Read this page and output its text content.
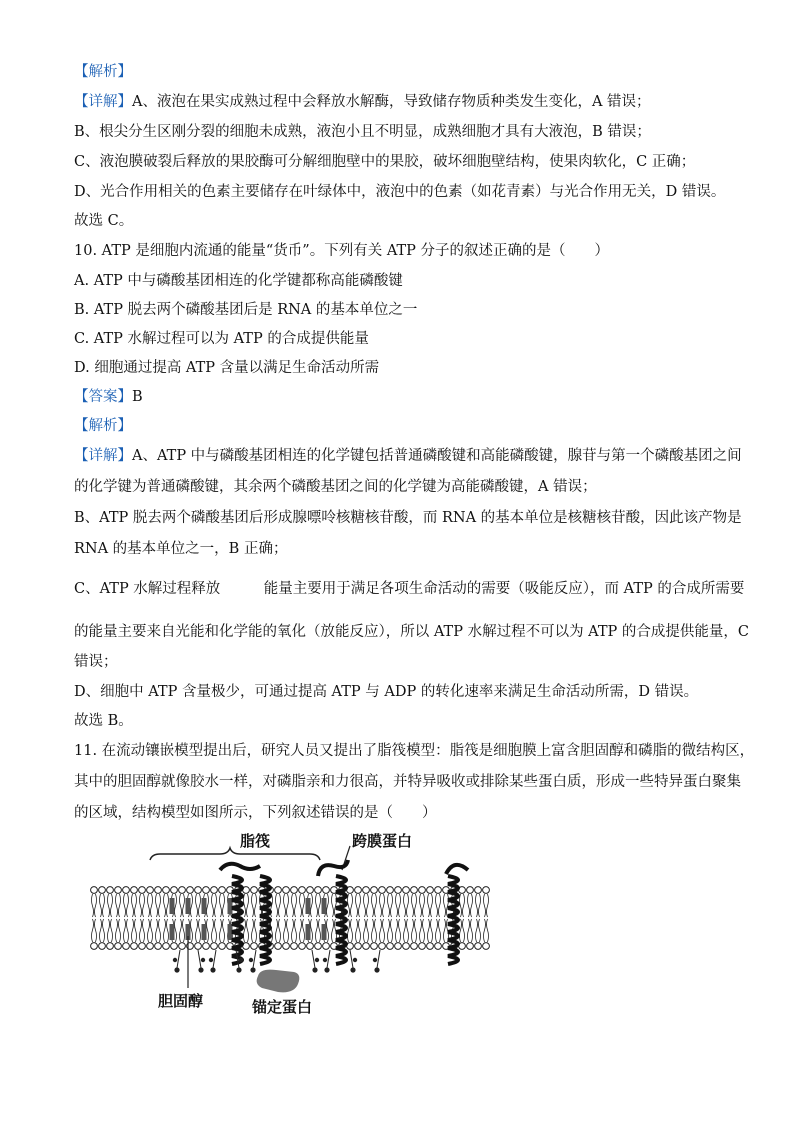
【解析】
【详解】A、液泡在果实成熟过程中会释放水解酶，导致储存物质种类发生变化，A 错误；
B、根尖分生区刚分裂的细胞未成熟，液泡小且不明显，成熟细胞才具有大液泡，B 错误；
C、液泡膜破裂后释放的果胶酶可分解细胞壁中的果胶，破坏细胞壁结构，使果肉软化，C 正确；
D、光合作用相关的色素主要储存在叶绿体中，液泡中的色素（如花青素）与光合作用无关，D 错误。
故选 C。
10. ATP 是细胞内流通的能量“货币”。下列有关 ATP 分子的叙述正确的是（　　）
A. ATP 中与磷酸基团相连的化学键都称高能磷酸键
B. ATP 脱去两个磷酸基团后是 RNA 的基本单位之一
C. ATP 水解过程可以为 ATP 的合成提供能量
D. 细胞通过提高 ATP 含量以满足生命活动所需
【答案】B
【解析】
【详解】A、ATP 中与磷酸基团相连的化学键包括普通磷酸键和高能磷酸键，腺苷与第一个磷酸基团之间
的化学键为普通磷酸键，其余两个磷酸基团之间的化学键为高能磷酸键，A 错误；
B、ATP 脱去两个磷酸基团后形成腺嘌呤核糖核苷酸，而 RNA 的基本单位是核糖核苷酸，因此该产物是
RNA 的基本单位之一，B 正确；
C、ATP 水解过程释放　　　能量主要用于满足各项生命活动的需要（吸能反应），而 ATP 的合成所需要
的能量主要来自光能和化学能的氧化（放能反应），所以 ATP 水解过程不可以为 ATP 的合成提供能量，C
错误；
D、细胞中 ATP 含量极少，可通过提高 ATP 与 ADP 的转化速率来满足生命活动所需，D 错误。
故选 B。
11. 在流动镶嵌模型提出后，研究人员又提出了脂筏模型：脂筏是细胞膜上富含胆固醇和磷脂的微结构区，
其中的胆固醇就像胶水一样，对磷脂亲和力很高，并特异吸收或排除某些蛋白质，形成一些特异蛋白聚集
的区域，结构模型如图所示，下列叙述错误的是（　　）
脂筏	跨膜蛋白
胆固醇	锚定蛋白
